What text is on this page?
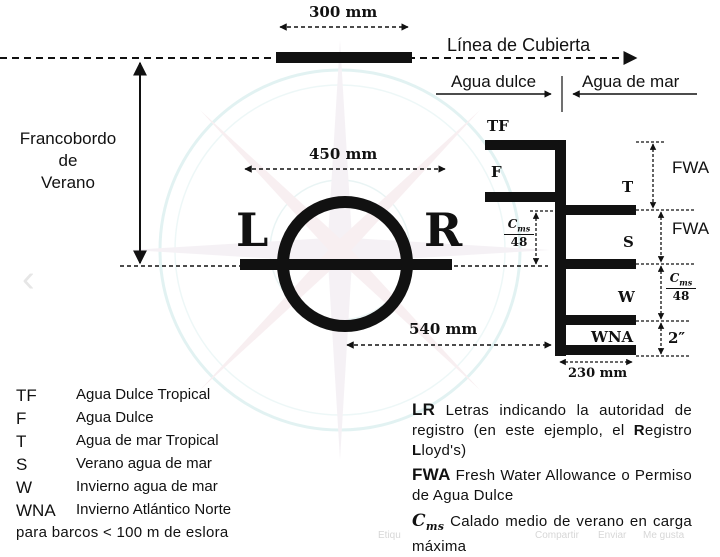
300 mm
Línea de Cubierta
Francobordo
de
Verano
450 mm
L	R
Agua dulce	Agua de mar
TF
F
T
S
W
WNA
FWA
FWA
$C_{ms}$
48
$C_{ms}$
48
2″
540 mm
230 mm
TF	Agua Dulce Tropical
F	Agua Dulce
T	Agua de mar Tropical
S	Verano agua de mar
W	Invierno agua de mar
WNA Invierno Atlántico Norte
para barcos < 100 m de eslora
LR Letras indicando la autoridad de registro (en este ejemplo, el Registro Lloyd's)
FWA Fresh Water Allowance o Permiso de Agua Dulce
$C_{ms}$ Calado medio de verano en carga máxima
‹
Etiqu	Compartir Enviar Me gusta
